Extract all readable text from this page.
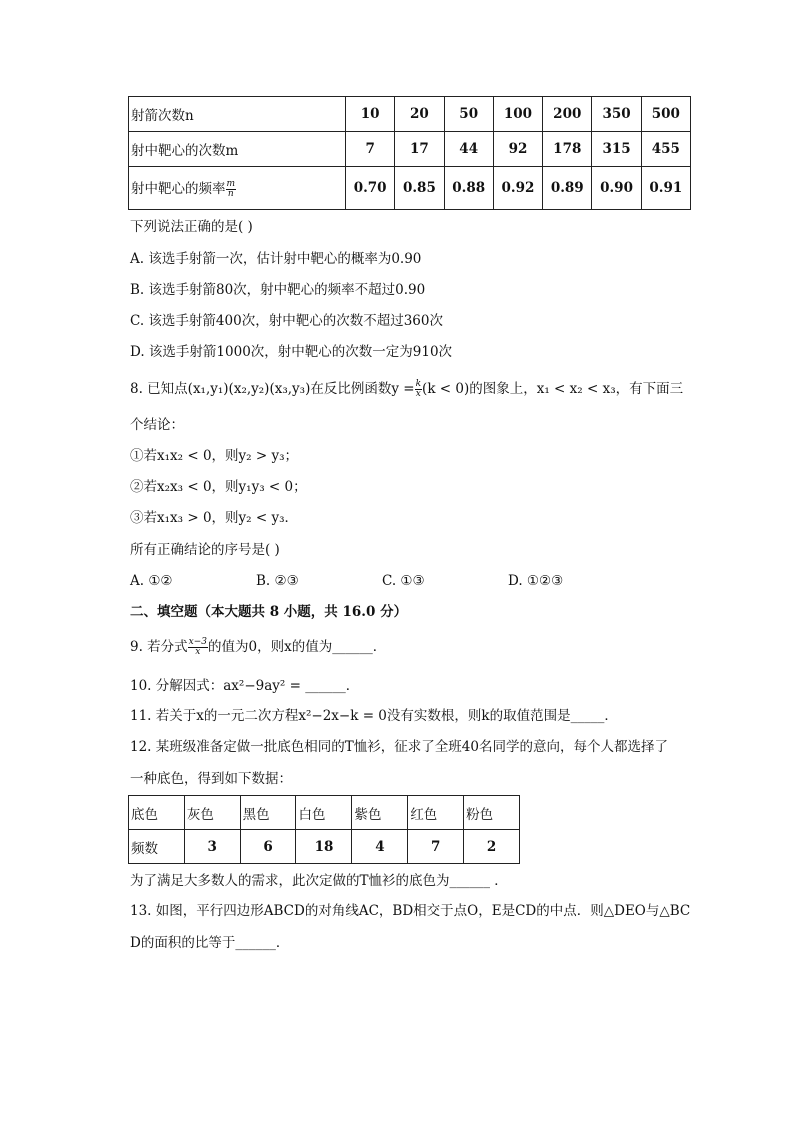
射箭次数n	10	20	50	100	200	350	500
射中靶心的次数m	7	17	44	92	178	315	455
射中靶心的频率 $\frac{m}{n}$	0.70	0.85	0.88	0.92	0.89	0.90	0.91
下列说法正确的是( )
A. 该选手射箭一次，估计射中靶心的概率为0.90
B. 该选手射箭80次，射中靶心的频率不超过0.90
C. 该选手射箭400次，射中靶心的次数不超过360次
D. 该选手射箭1000次，射中靶心的次数一定为910次
8. 已知点(x₁,y₁)(x₂,y₂)(x₃,y₃)在反比例函数$y = \frac{k}{x} (k < 0)$的图象上，x₁ < x₂ < x₃，有下面三
个结论：
①若x₁x₂ < 0，则y₂ > y₃；
②若x₂x₃ < 0，则y₁y₃ < 0；
③若x₁x₃ > 0，则y₂ < y₃．
所有正确结论的序号是( )
A. ①②	B. ②③	C. ①③	D. ①②③
二、填空题（本大题共 8 小题，共 16.0 分）
9. 若分式 $\frac{x-3}{x}$ 的值为0，则x的值为______．
10. 分解因式：ax²−9ay² = ______．
11. 若关于x的一元二次方程x²−2x−k = 0没有实数根，则k的取值范围是_____．
12. 某班级准备定做一批底色相同的T恤衫，征求了全班40名同学的意向，每个人都选择了
一种底色，得到如下数据：
底色	灰色	黑色	白色	紫色	红色	粉色
频数	3	6	18	4	7	2
为了满足大多数人的需求，此次定做的T恤衫的底色为______ ．
13. 如图，平行四边形ABCD的对角线AC，BD相交于点O，E是CD的中点．则△DEO与△BC
D的面积的比等于______．
